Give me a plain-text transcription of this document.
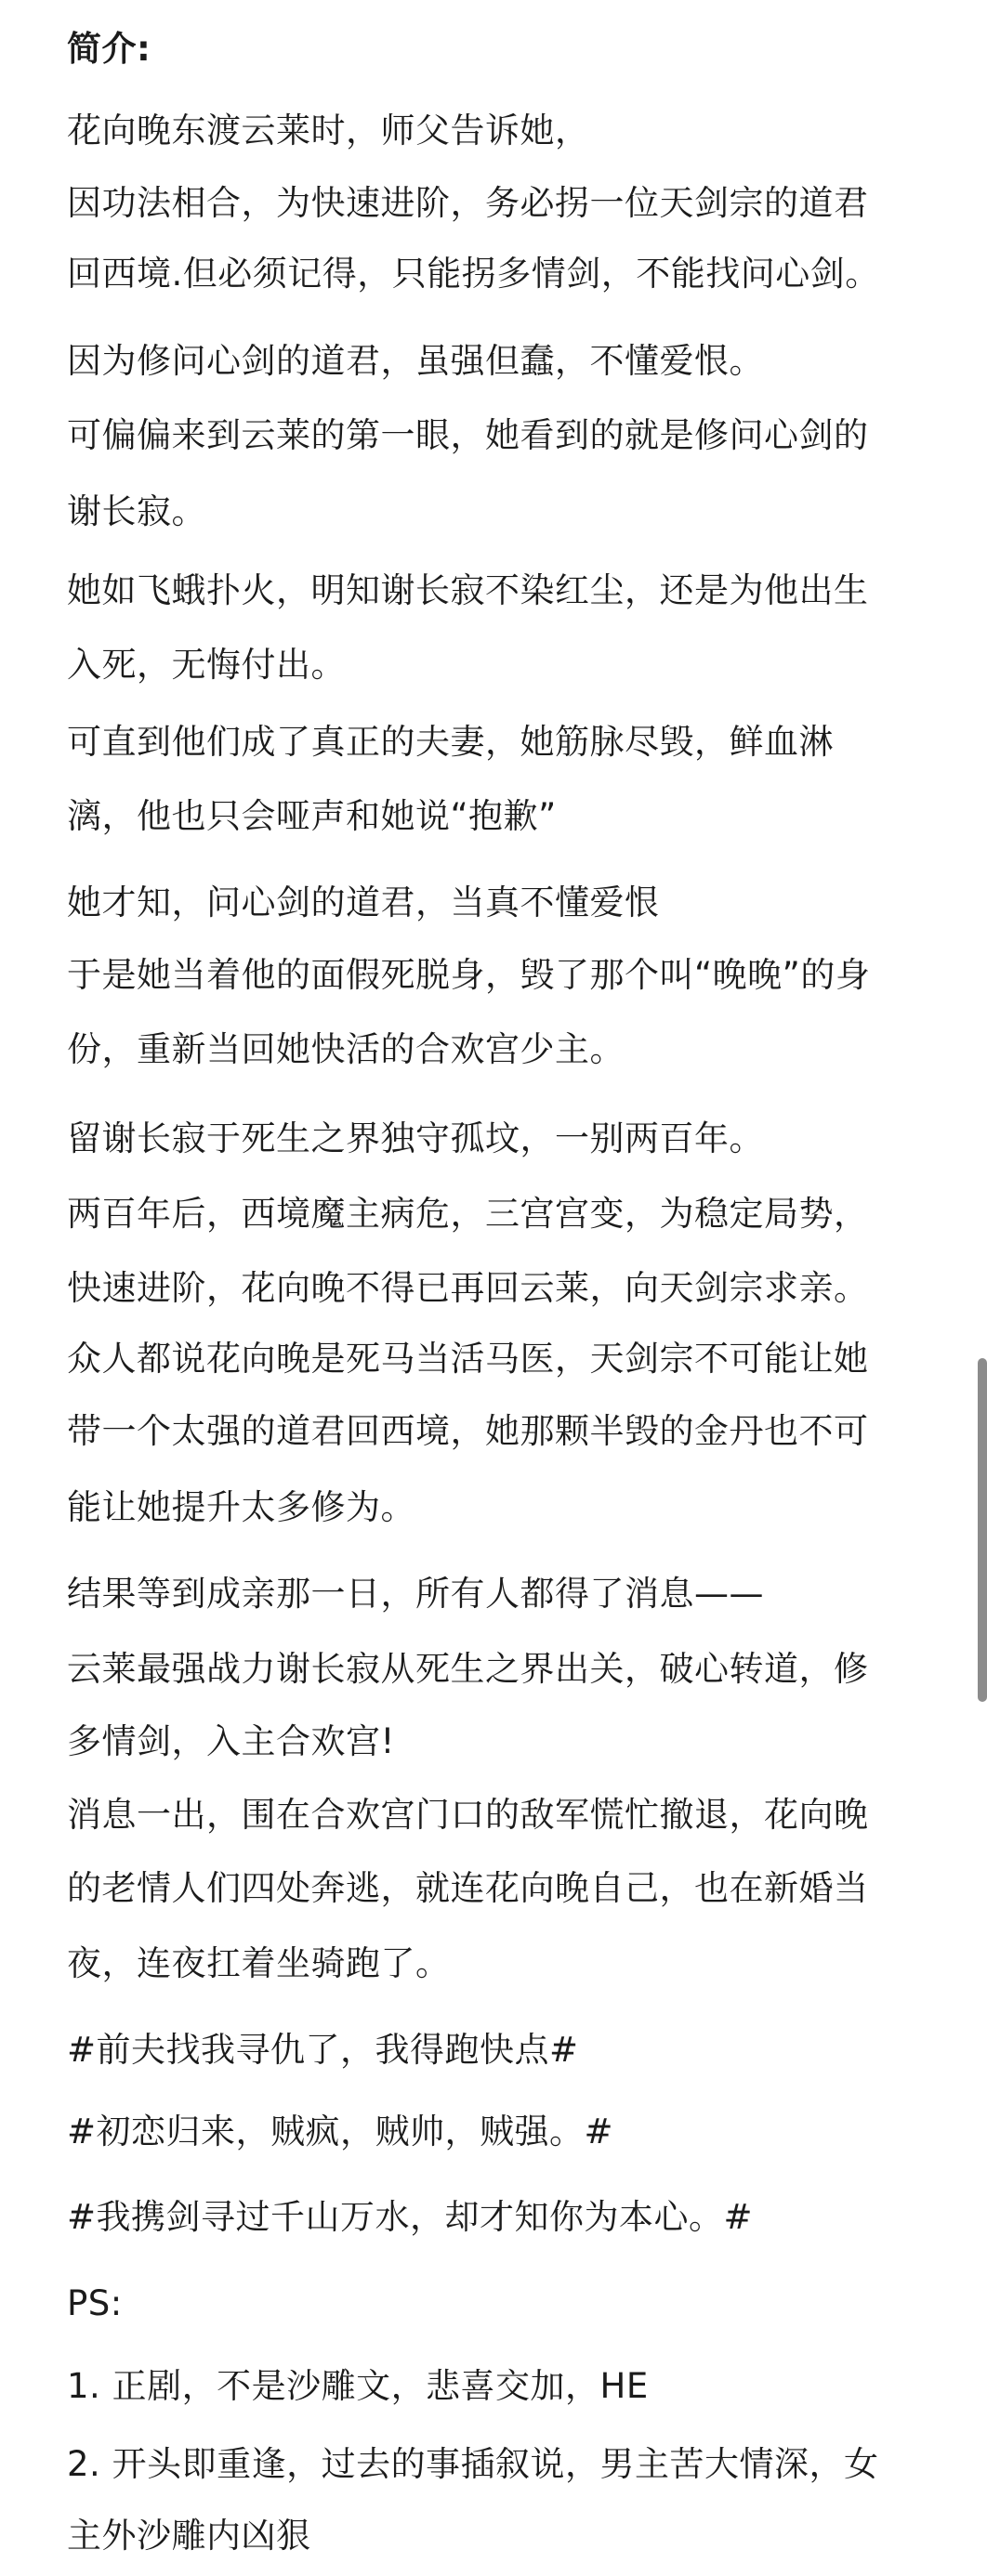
简介:

花向晚东渡云莱时，师父告诉她，

因功法相合，为快速进阶，务必拐一位天剑宗的道君

回西境.但必须记得，只能拐多情剑，不能找问心剑。

因为修问心剑的道君，虽强但蠢，不懂爱恨。

可偏偏来到云莱的第一眼，她看到的就是修问心剑的

谢长寂。

她如飞蛾扑火，明知谢长寂不染红尘，还是为他出生

入死，无悔付出。

可直到他们成了真正的夫妻，她筋脉尽毁，鲜血淋

漓，他也只会哑声和她说“抱歉”

她才知，问心剑的道君，当真不懂爱恨

于是她当着他的面假死脱身，毁了那个叫“晚晚”的身

份，重新当回她快活的合欢宫少主。

留谢长寂于死生之界独守孤坟，一别两百年。

两百年后，西境魔主病危，三宫宫变，为稳定局势，

快速进阶，花向晚不得已再回云莱，向天剑宗求亲。

众人都说花向晚是死马当活马医，天剑宗不可能让她

带一个太强的道君回西境，她那颗半毁的金丹也不可

能让她提升太多修为。

结果等到成亲那一日，所有人都得了消息——

云莱最强战力谢长寂从死生之界出关，破心转道，修

多情剑，入主合欢宫!

消息一出，围在合欢宫门口的敌军慌忙撤退，花向晚

的老情人们四处奔逃，就连花向晚自己，也在新婚当

夜，连夜扛着坐骑跑了。

#前夫找我寻仇了，我得跑快点#

#初恋归来，贼疯，贼帅，贼强。#

#我携剑寻过千山万水，却才知你为本心。#

PS:

1. 正剧，不是沙雕文，悲喜交加，HE

2. 开头即重逢，过去的事插叙说，男主苦大情深，女

主外沙雕内凶狠
